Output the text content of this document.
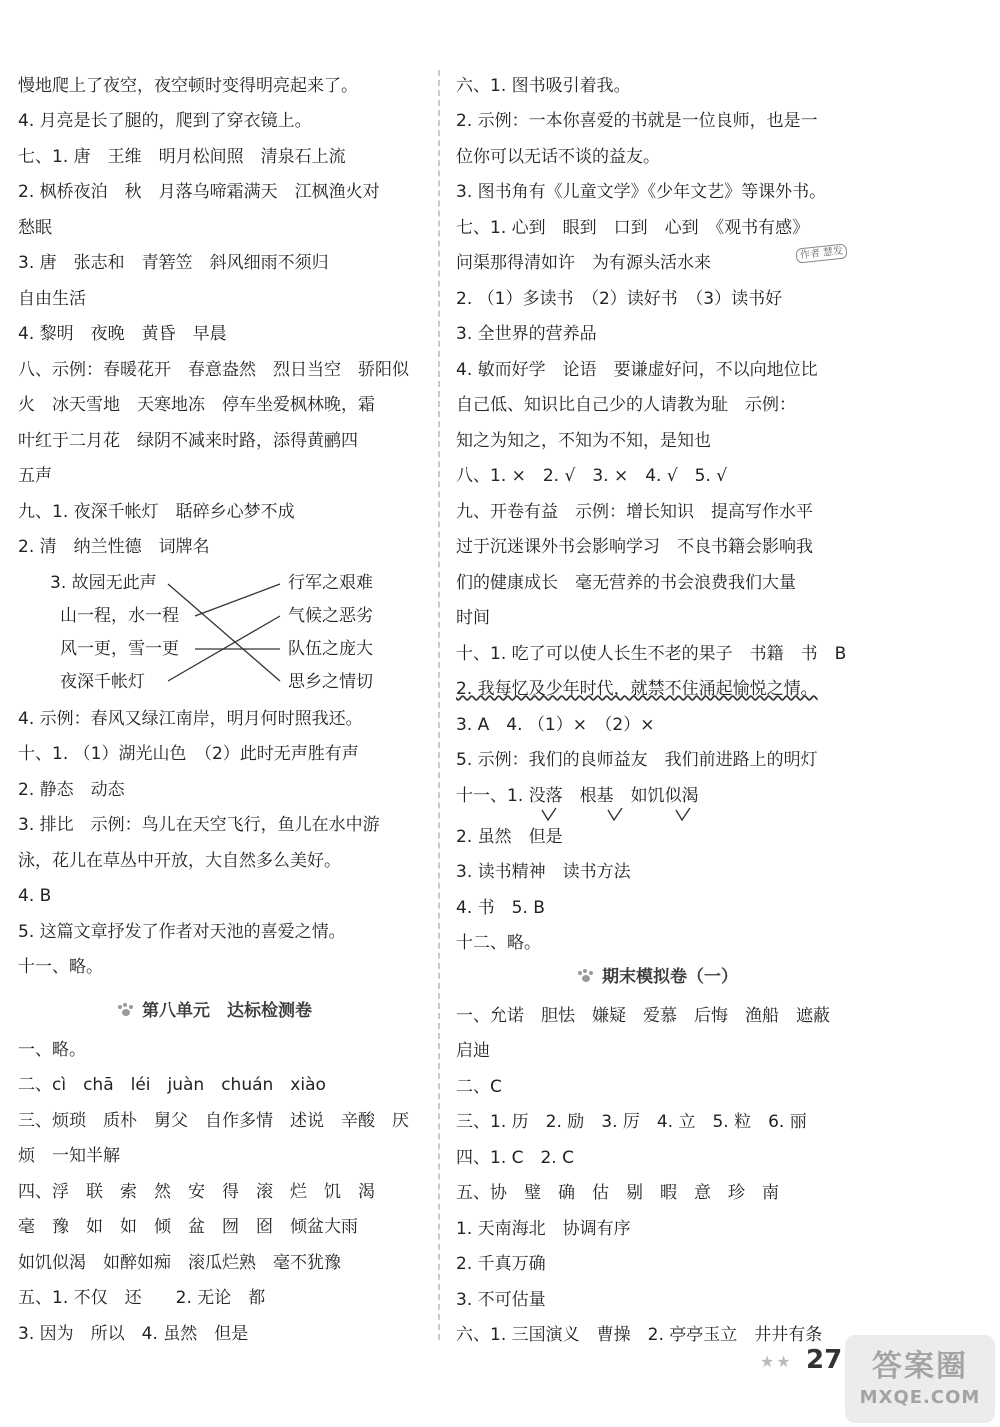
慢地爬上了夜空，夜空顿时变得明亮起来了。
4. 月亮是长了腿的，爬到了穿衣镜上。
七、1. 唐　王维　明月松间照　清泉石上流
2. 枫桥夜泊　秋　月落乌啼霜满天　江枫渔火对
愁眠
3. 唐　张志和　青箬笠　斜风细雨不须归
自由生活
4. 黎明　夜晚　黄昏　早晨
八、示例：春暖花开　春意盎然　烈日当空　骄阳似
火　冰天雪地　天寒地冻　停车坐爱枫林晚，霜
叶红于二月花　绿阴不减来时路，添得黄鹂四
五声
九、1. 夜深千帐灯　聒碎乡心梦不成
2. 清　纳兰性德　词牌名
3. 故园无此声
山一程，水一程
风一更，雪一更
夜深千帐灯
行军之艰难
气候之恶劣
队伍之庞大
思乡之情切
4. 示例：春风又绿江南岸，明月何时照我还。
十、1. （1）湖光山色　（2）此时无声胜有声
2. 静态　动态
3. 排比　示例：鸟儿在天空飞行，鱼儿在水中游
泳，花儿在草丛中开放，大自然多么美好。
4. B
5. 这篇文章抒发了作者对天池的喜爱之情。
十一、略。
第八单元　达标检测卷
一、略。
二、cì　chā　léi　juàn　chuán　xiào
三、烦琐　质朴　舅父　自作多情　述说　辛酸　厌
烦　一知半解
四、浮　联　索　然　安　得　滚　烂　饥　渴
毫　豫　如　如　倾　盆　囫　囵　倾盆大雨
如饥似渴　如醉如痴　滚瓜烂熟　毫不犹豫
五、1. 不仅　还　　2. 无论　都
3. 因为　所以　4. 虽然　但是
六、1. 图书吸引着我。
2. 示例：一本你喜爱的书就是一位良师，也是一
位你可以无话不谈的益友。
3. 图书角有《儿童文学》《少年文艺》等课外书。
七、1. 心到　眼到　口到　心到　《观书有感》
问渠那得清如许　为有源头活水来	作者 慧发
2. （1）多读书　（2）读好书　（3）读书好
3. 全世界的营养品
4. 敏而好学　论语　要谦虚好问，不以向地位比
自己低、知识比自己少的人请教为耻　示例：
知之为知之，不知为不知，是知也
八、1. ×　2. √　3. ×　4. √　5. √
九、开卷有益　示例：增长知识　提高写作水平
过于沉迷课外书会影响学习　不良书籍会影响我
们的健康成长　毫无营养的书会浪费我们大量
时间
十、1. 吃了可以使人长生不老的果子　书籍　书　B
2. 我每忆及少年时代，就禁不住涌起愉悦之情。
3. A　4. （1）×　（2）×
5. 示例：我们的良师益友　我们前进路上的明灯
十一、1. 没落　根基　如饥似渴
2. 虽然　但是
3. 读书精神　读书方法
4. 书　5. B
十二、略。
期末模拟卷（一）
一、允诺　胆怯　嫌疑　爱慕　后悔　渔船　遮蔽
启迪
二、C
三、1. 历　2. 励　3. 厉　4. 立　5. 粒　6. 丽
四、1. C　2. C
五、协　璧　确　估　剔　暇　意　珍　南
1. 天南海北　协调有序
2. 千真万确
3. 不可估量
六、1. 三国演义　曹操　2. 亭亭玉立　井井有条
★★ 27 答案圈
MXQE.COM
